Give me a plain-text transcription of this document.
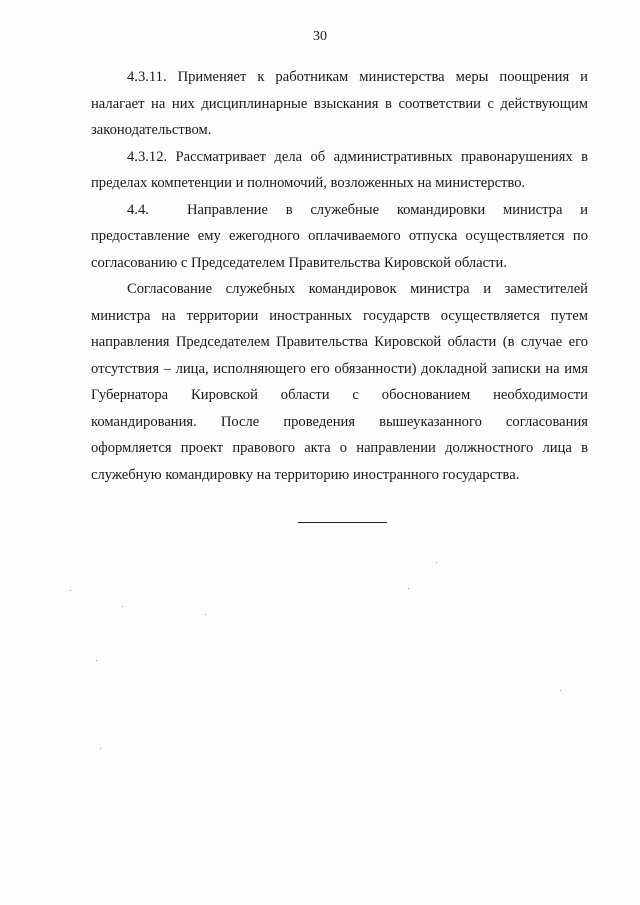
30

4.3.11. Применяет к работникам министерства меры поощрения и налагает на них дисциплинарные взыскания в соответствии с действующим законодательством.

4.3.12. Рассматривает дела об административных правонарушениях в пределах компетенции и полномочий, возложенных на министерство.

4.4.	Направление в служебные командировки министра и предоставление ему ежегодного оплачиваемого отпуска осуществляется по согласованию с Председателем Правительства Кировской области.

Согласование служебных командировок министра и заместителей министра на территории иностранных государств осуществляется путем направления Председателем Правительства Кировской области (в случае его отсутствия – лица, исполняющего его обязанности) докладной записки на имя Губернатора Кировской области с обоснованием необходимости командирования. После проведения вышеуказанного согласования оформляется проект правового акта о направлении должностного лица в служебную командировку на территорию иностранного государства.
